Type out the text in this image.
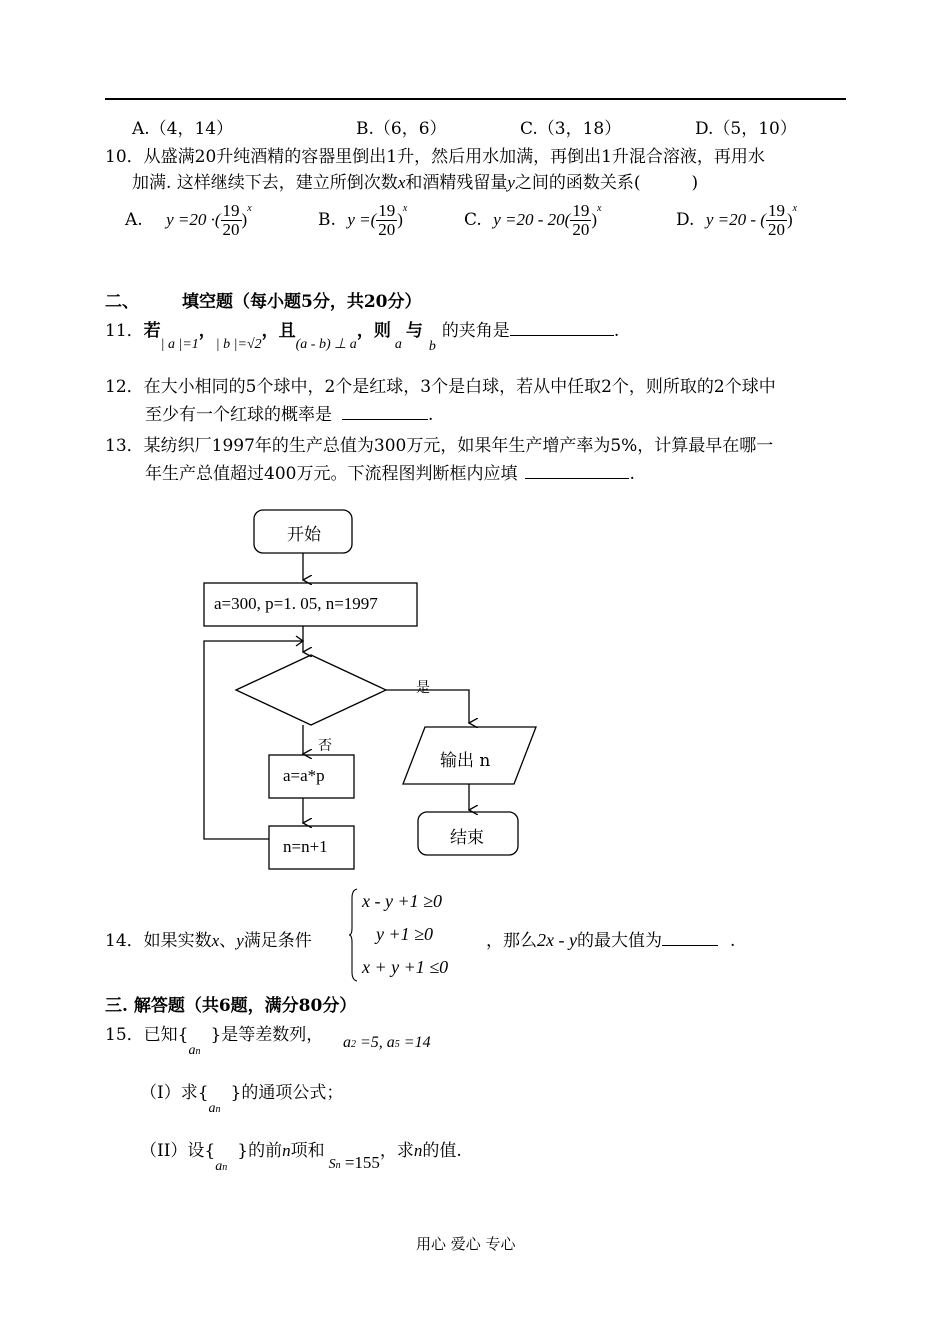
A.（4，14）	B.（6，6）	C.（3，18）	D.（5，10）
10．从盛满20升纯酒精的容器里倒出1升，然后用水加满，再倒出1升混合溶液，再用水
加满. 这样继续下去，建立所倒次数x和酒精残留量y之间的函数关系(　　　)
A. y =20 ·( $\frac{19}{20} )^x$
B. y =( $\frac{19}{20} )^x$
C. $y =20 - 20( \frac{19}{20} )^x$
D. y =20 - ( $\frac{19}{20} )^x$
二、	填空题（每小题5分，共20分）
11．若$_{| a |=1}$，$_{| b |=√2}$，且$_{(a - b) \perp a}$，则$_a$与$_b$的夹角是	.
12．在大小相同的5个球中，2个是红球，3个是白球，若从中任取2个，则所取的2个球中
至少有一个红球的概率是	.
13．某纺织厂1997年的生产总值为300万元，如果年生产增产率为5%，计算最早在哪一
年生产总值超过400万元。下流程图判断框内应填	.
开始
a=300, p=1. 05, n=1997
是
否
a=a*p
n=n+1
输出 n
结束
14．如果实数x、y满足条件
x - y +1 ≥0
y +1 ≥0
x + y +1 ≤0
，那么2x - y的最大值为	.
三. 解答题（共6题，满分80分）
15．已知{an}是等差数列， a2 =5, a5 =14
（I）求{an}的通项公式；
（II）设{an}的前n项和Sn =155，求n的值.
用心 爱心 专心
